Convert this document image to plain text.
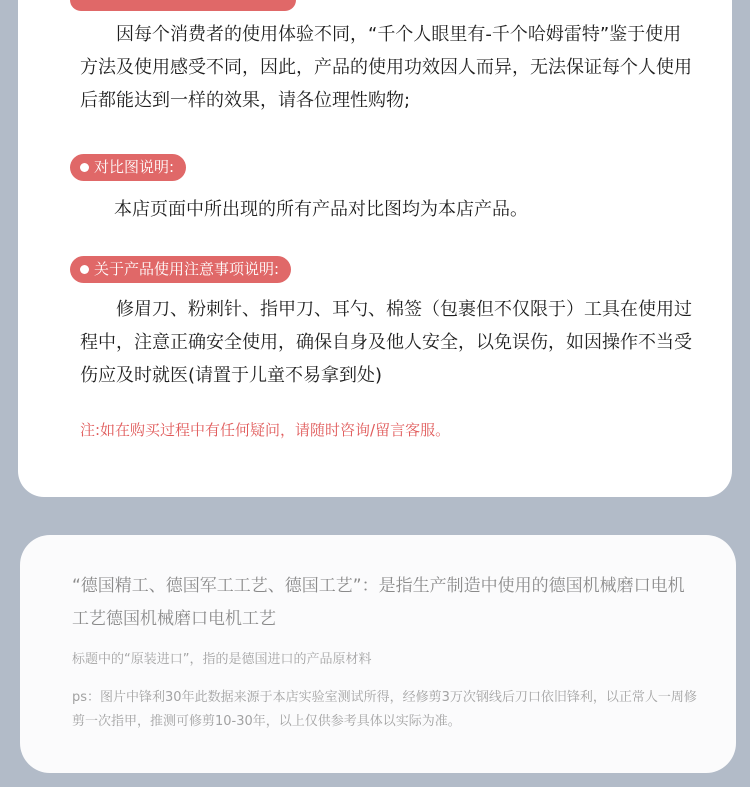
因每个消费者的使用体验不同，“千个人眼里有-千个哈姆雷特”鉴于使用方法及使用感受不同，因此，产品的使用功效因人而异，无法保证每个人使用后都能达到一样的效果，请各位理性购物;

对比图说明:

本店页面中所出现的所有产品对比图均为本店产品。

关于产品使用注意事项说明:

修眉刀、粉刺针、指甲刀、耳勺、棉签（包裹但不仅限于）工具在使用过程中，注意正确安全使用，确保自身及他人安全，以免误伤，如因操作不当受伤应及时就医(请置于儿童不易拿到处)

注:如在购买过程中有任何疑问，请随时咨询/留言客服。

“德国精工、德国军工工艺、德国工艺”：是指生产制造中使用的德国机械磨口电机工艺德国机械磨口电机工艺

标题中的“原装进口”，指的是德国进口的产品原材料

ps：图片中锋利30年此数据来源于本店实验室测试所得，经修剪3万次钢线后刀口依旧锋利，以正常人一周修剪一次指甲，推测可修剪10-30年，以上仅供参考具体以实际为准。
